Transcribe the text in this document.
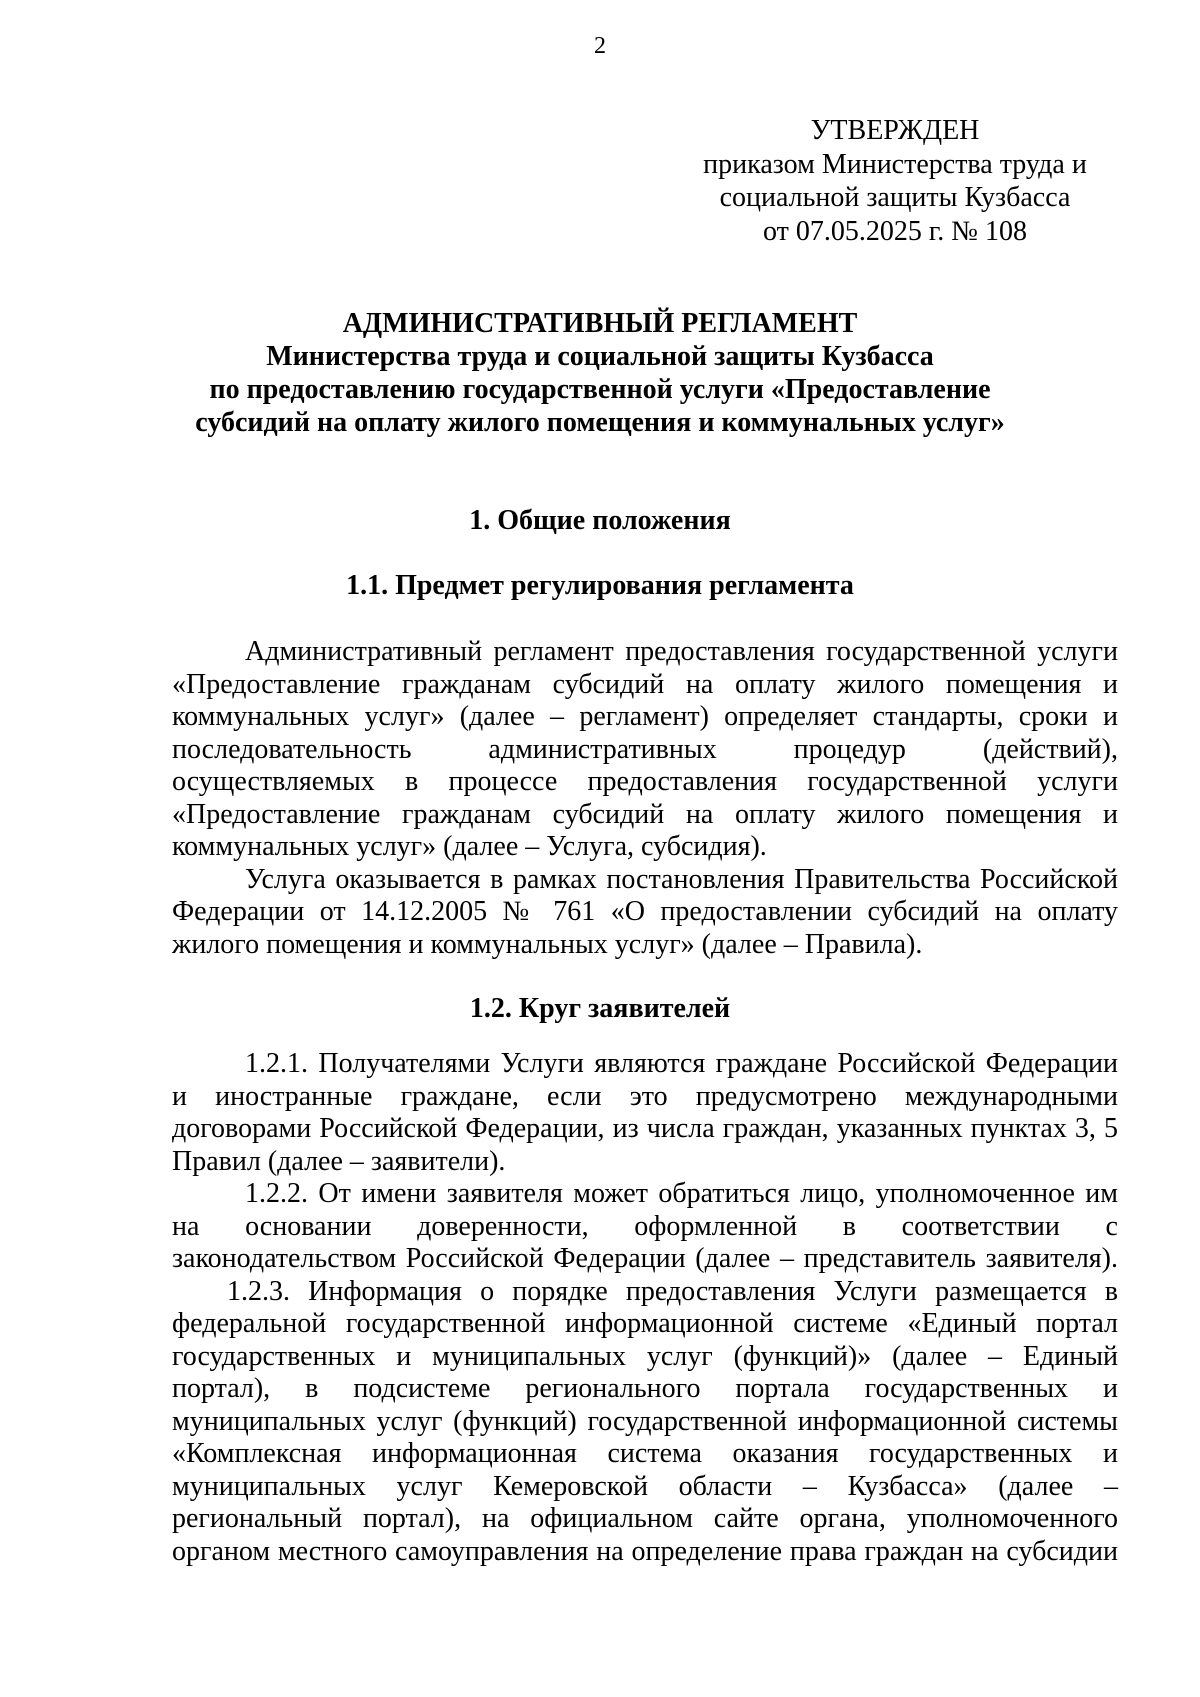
2
УТВЕРЖДЕН
приказом Министерства труда и
социальной защиты Кузбасса
от 07.05.2025 г. № 108
АДМИНИСТРАТИВНЫЙ РЕГЛАМЕНТ
Министерства труда и социальной защиты Кузбасса
по предоставлению государственной услуги «Предоставление
субсидий на оплату жилого помещения и коммунальных услуг»
1. Общие положения
1.1. Предмет регулирования регламента
Административный регламент предоставления государственной услуги
«Предоставление гражданам субсидий на оплату жилого помещения и
коммунальных услуг» (далее – регламент) определяет стандарты, сроки и
последовательность административных процедур (действий),
осуществляемых в процессе предоставления государственной услуги
«Предоставление гражданам субсидий на оплату жилого помещения и
коммунальных услуг» (далее – Услуга, субсидия).
Услуга оказывается в рамках постановления Правительства Российской
Федерации от 14.12.2005 № 761 «О предоставлении субсидий на оплату
жилого помещения и коммунальных услуг» (далее – Правила).
1.2. Круг заявителей
1.2.1. Получателями Услуги являются граждане Российской Федерации
и иностранные граждане, если это предусмотрено международными
договорами Российской Федерации, из числа граждан, указанных пунктах 3, 5
Правил (далее – заявители).
1.2.2. От имени заявителя может обратиться лицо, уполномоченное им
на основании доверенности, оформленной в соответствии с
законодательством Российской Федерации (далее – представитель заявителя).
1.2.3. Информация о порядке предоставления Услуги размещается в
федеральной государственной информационной системе «Единый портал
государственных и муниципальных услуг (функций)» (далее – Единый
портал), в подсистеме регионального портала государственных и
муниципальных услуг (функций) государственной информационной системы
«Комплексная информационная система оказания государственных и
муниципальных услуг Кемеровской области – Кузбасса» (далее –
региональный портал), на официальном сайте органа, уполномоченного
органом местного самоуправления на определение права граждан на субсидии
